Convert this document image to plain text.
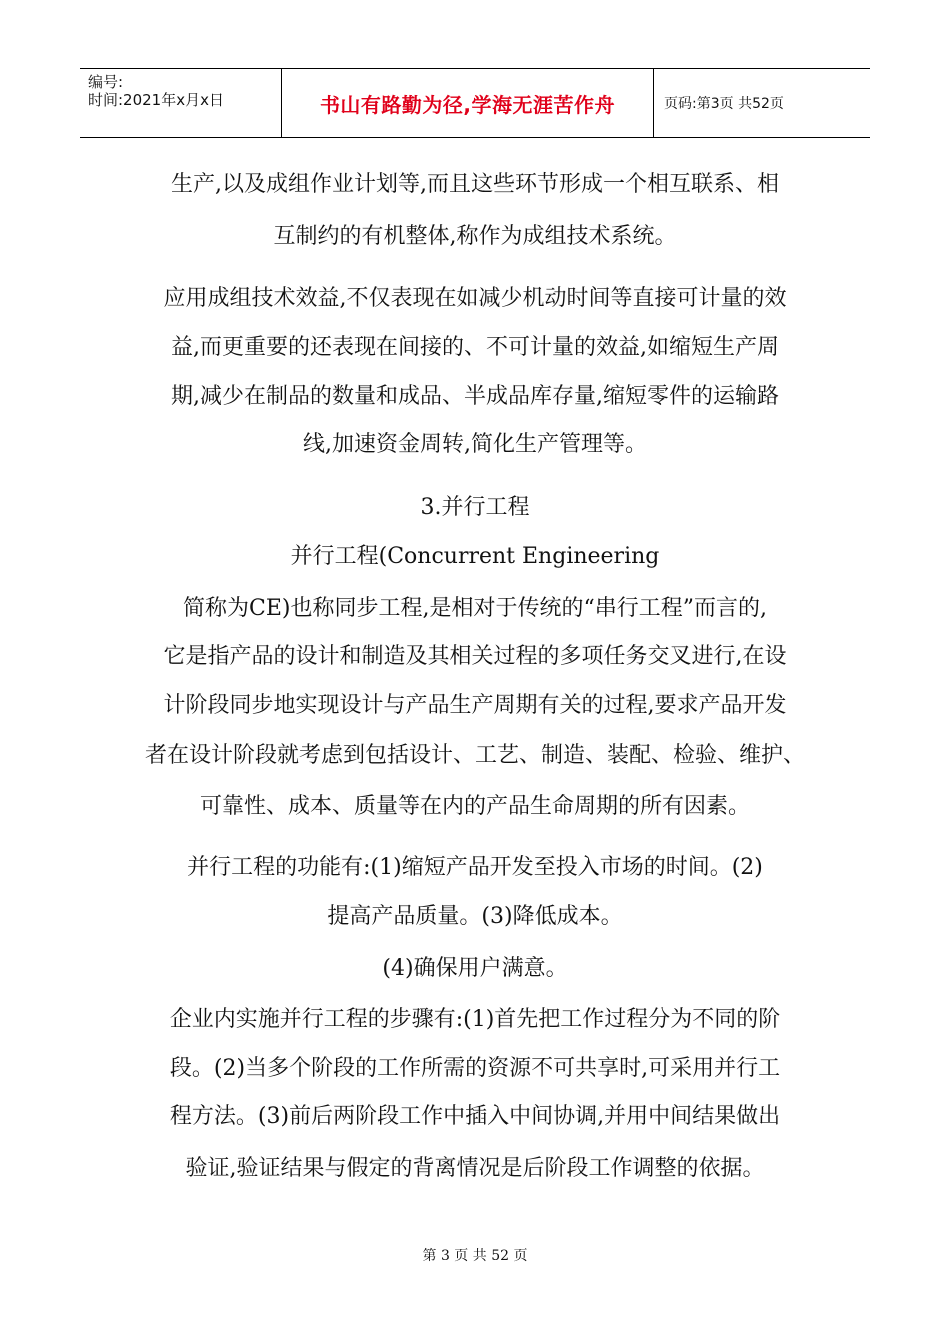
编号:
时间:2021年x月x日	书山有路勤为径,学海无涯苦作舟	页码:第3页 共52页
生产,以及成组作业计划等,而且这些环节形成一个相互联系、相
互制约的有机整体,称作为成组技术系统。
应用成组技术效益,不仅表现在如减少机动时间等直接可计量的效
益,而更重要的还表现在间接的、不可计量的效益,如缩短生产周
期,减少在制品的数量和成品、半成品库存量,缩短零件的运输路
线,加速资金周转,简化生产管理等。
3.并行工程
并行工程(Concurrent Engineering
简称为CE)也称同步工程,是相对于传统的“串行工程”而言的,
它是指产品的设计和制造及其相关过程的多项任务交叉进行,在设
计阶段同步地实现设计与产品生产周期有关的过程,要求产品开发
者在设计阶段就考虑到包括设计、工艺、制造、装配、检验、维护、
可靠性、成本、质量等在内的产品生命周期的所有因素。
并行工程的功能有:(1)缩短产品开发至投入市场的时间。(2)
提高产品质量。(3)降低成本。
(4)确保用户满意。
企业内实施并行工程的步骤有:(1)首先把工作过程分为不同的阶
段。(2)当多个阶段的工作所需的资源不可共享时,可采用并行工
程方法。(3)前后两阶段工作中插入中间协调,并用中间结果做出
验证,验证结果与假定的背离情况是后阶段工作调整的依据。
第 3 页 共 52 页
